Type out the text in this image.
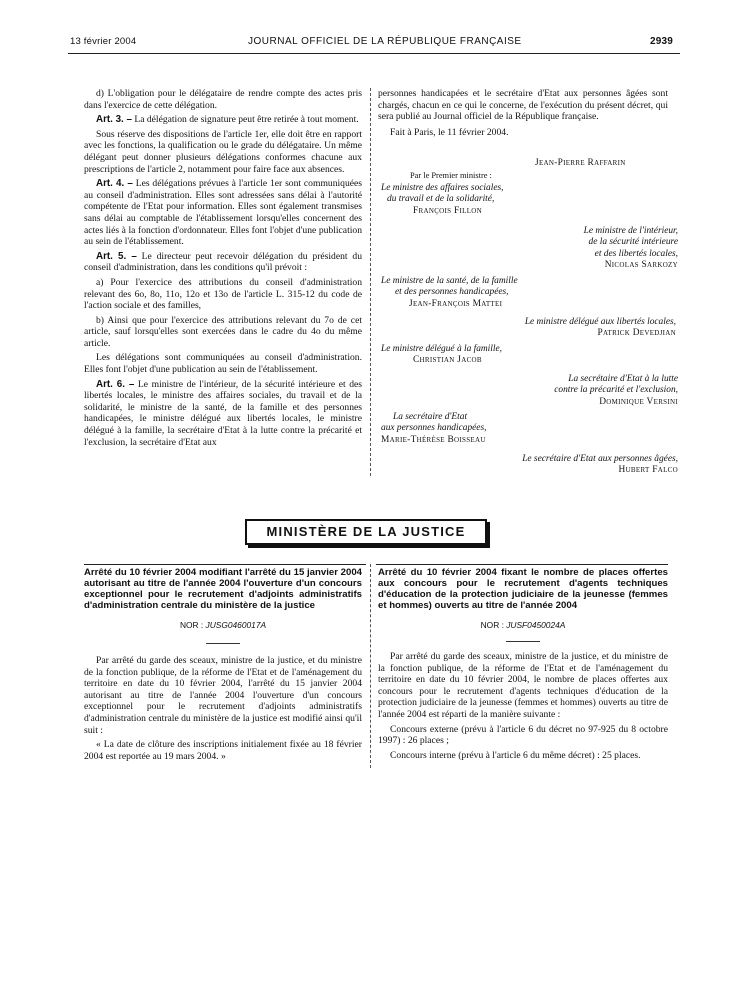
13 février 2004	JOURNAL OFFICIEL DE LA RÉPUBLIQUE FRANÇAISE	2939

d) L'obligation pour le délégataire de rendre compte des actes pris dans l'exercice de cette délégation.

Art. 3. – La délégation de signature peut être retirée à tout moment.

Sous réserve des dispositions de l'article 1er, elle doit être en rapport avec les fonctions, la qualification ou le grade du délégataire. Un même délégant peut donner plusieurs délégations conformes chacune aux prescriptions de l'article 2, notamment pour faire face aux absences.

Art. 4. – Les délégations prévues à l'article 1er sont communiquées au conseil d'administration. Elles sont adressées sans délai à l'autorité compétente de l'Etat pour information. Elles sont également transmises sans délai au comptable de l'établissement lorsqu'elles concernent des actes liés à la fonction d'ordonnateur. Elles font l'objet d'une publication au sein de l'établissement.

Art. 5. – Le directeur peut recevoir délégation du président du conseil d'administration, dans les conditions qu'il prévoit :

a) Pour l'exercice des attributions du conseil d'administration relevant des 6o, 8o, 11o, 12o et 13o de l'article L. 315-12 du code de l'action sociale et des familles,

b) Ainsi que pour l'exercice des attributions relevant du 7o de cet article, sauf lorsqu'elles sont exercées dans le cadre du 4o du même article.

Les délégations sont communiquées au conseil d'administration. Elles font l'objet d'une publication au sein de l'établissement.

Art. 6. – Le ministre de l'intérieur, de la sécurité intérieure et des libertés locales, le ministre des affaires sociales, du travail et de la solidarité, le ministre de la santé, de la famille et des personnes handicapées, le ministre délégué aux libertés locales, le ministre délégué à la famille, la secrétaire d'Etat à la lutte contre la précarité et l'exclusion, la secrétaire d'Etat aux

personnes handicapées et le secrétaire d'Etat aux personnes âgées sont chargés, chacun en ce qui le concerne, de l'exécution du présent décret, qui sera publié au Journal officiel de la République française.

Fait à Paris, le 11 février 2004.

Jean-Pierre Raffarin
Par le Premier ministre :
Le ministre des affaires sociales,
du travail et de la solidarité,
François Fillon
Le ministre de l'intérieur,
de la sécurité intérieure
et des libertés locales,
Nicolas Sarkozy
Le ministre de la santé, de la famille
et des personnes handicapées,
Jean-François Mattei
Le ministre délégué aux libertés locales,
Patrick Devedjian
Le ministre délégué à la famille,
Christian Jacob
La secrétaire d'Etat à la lutte
contre la précarité et l'exclusion,
Dominique Versini
La secrétaire d'Etat
aux personnes handicapées,
Marie-Thérèse Boisseau
Le secrétaire d'Etat aux personnes âgées,
Hubert Falco
MINISTÈRE DE LA JUSTICE
Arrêté du 10 février 2004 modifiant l'arrêté du 15 janvier 2004 autorisant au titre de l'année 2004 l'ouverture d'un concours exceptionnel pour le recrutement d'adjoints administratifs d'administration centrale du ministère de la justice
NOR : JUSG0460017A

Par arrêté du garde des sceaux, ministre de la justice, et du ministre de la fonction publique, de la réforme de l'Etat et de l'aménagement du territoire en date du 10 février 2004, l'arrêté du 15 janvier 2004 autorisant au titre de l'année 2004 l'ouverture d'un concours exceptionnel pour le recrutement d'adjoints administratifs d'administration centrale du ministère de la justice est modifié ainsi qu'il suit :

« La date de clôture des inscriptions initialement fixée au 18 février 2004 est reportée au 19 mars 2004. »

Arrêté du 10 février 2004 fixant le nombre de places offertes aux concours pour le recrutement d'agents techniques d'éducation de la protection judiciaire de la jeunesse (femmes et hommes) ouverts au titre de l'année 2004
NOR : JUSF0450024A

Par arrêté du garde des sceaux, ministre de la justice, et du ministre de la fonction publique, de la réforme de l'Etat et de l'aménagement du territoire en date du 10 février 2004, le nombre de places offertes aux concours pour le recrutement d'agents techniques d'éducation de la protection judiciaire de la jeunesse (femmes et hommes) ouverts au titre de l'année 2004 est réparti de la manière suivante :

Concours externe (prévu à l'article 6 du décret no 97-925 du 8 octobre 1997) : 26 places ;

Concours interne (prévu à l'article 6 du même décret) : 25 places.
